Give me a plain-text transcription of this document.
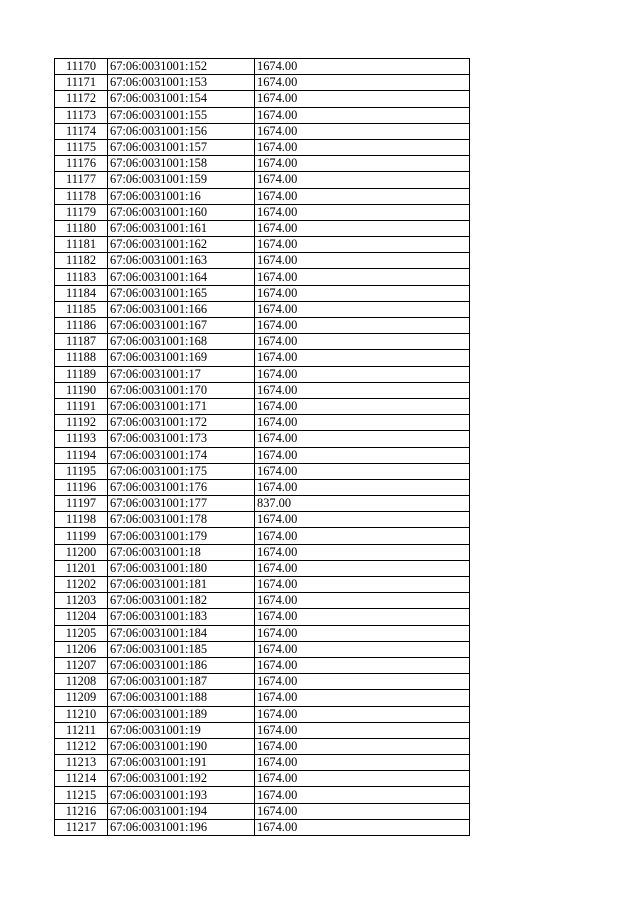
11170	67:06:0031001:152	1674.00
11171	67:06:0031001:153	1674.00
11172	67:06:0031001:154	1674.00
11173	67:06:0031001:155	1674.00
11174	67:06:0031001:156	1674.00
11175	67:06:0031001:157	1674.00
11176	67:06:0031001:158	1674.00
11177	67:06:0031001:159	1674.00
11178	67:06:0031001:16	1674.00
11179	67:06:0031001:160	1674.00
11180	67:06:0031001:161	1674.00
11181	67:06:0031001:162	1674.00
11182	67:06:0031001:163	1674.00
11183	67:06:0031001:164	1674.00
11184	67:06:0031001:165	1674.00
11185	67:06:0031001:166	1674.00
11186	67:06:0031001:167	1674.00
11187	67:06:0031001:168	1674.00
11188	67:06:0031001:169	1674.00
11189	67:06:0031001:17	1674.00
11190	67:06:0031001:170	1674.00
11191	67:06:0031001:171	1674.00
11192	67:06:0031001:172	1674.00
11193	67:06:0031001:173	1674.00
11194	67:06:0031001:174	1674.00
11195	67:06:0031001:175	1674.00
11196	67:06:0031001:176	1674.00
11197	67:06:0031001:177	837.00
11198	67:06:0031001:178	1674.00
11199	67:06:0031001:179	1674.00
11200	67:06:0031001:18	1674.00
11201	67:06:0031001:180	1674.00
11202	67:06:0031001:181	1674.00
11203	67:06:0031001:182	1674.00
11204	67:06:0031001:183	1674.00
11205	67:06:0031001:184	1674.00
11206	67:06:0031001:185	1674.00
11207	67:06:0031001:186	1674.00
11208	67:06:0031001:187	1674.00
11209	67:06:0031001:188	1674.00
11210	67:06:0031001:189	1674.00
11211	67:06:0031001:19	1674.00
11212	67:06:0031001:190	1674.00
11213	67:06:0031001:191	1674.00
11214	67:06:0031001:192	1674.00
11215	67:06:0031001:193	1674.00
11216	67:06:0031001:194	1674.00
11217	67:06:0031001:196	1674.00
